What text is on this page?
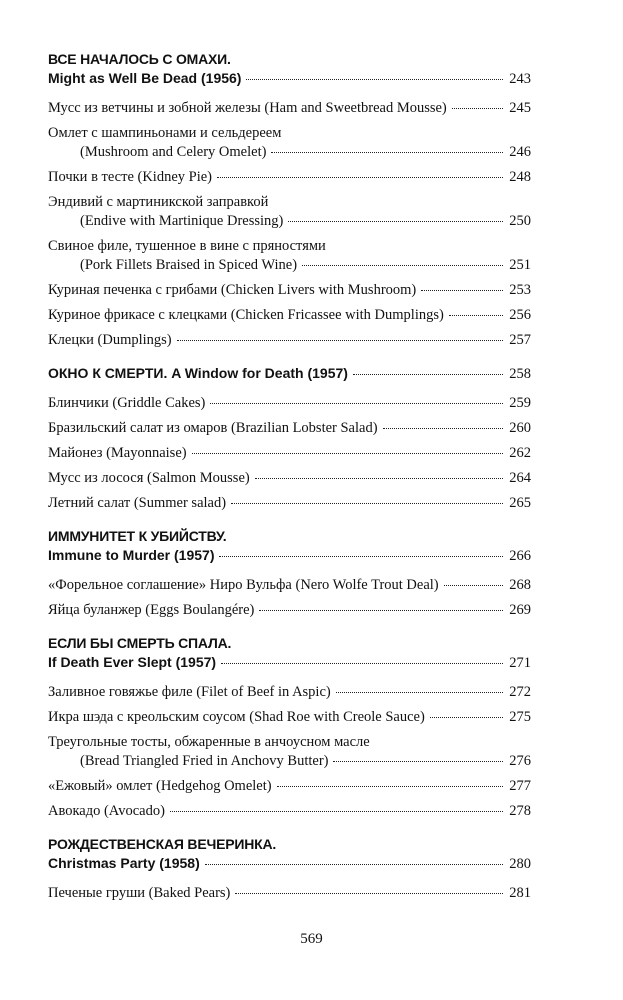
ВСЕ НАЧАЛОСЬ С ОМАХИ.
Might as Well Be Dead (1956)	243
Мусс из ветчины и зобной железы (Ham and Sweetbread Mousse)	245
Омлет с шампиньонами и сельдереем
(Mushroom and Celery Omelet)	246
Почки в тесте (Kidney Pie)	248
Эндивий с мартиникской заправкой
(Endive with Martinique Dressing)	250
Свиное филе, тушенное в вине с пряностями
(Pork Fillets Braised in Spiced Wine)	251
Куриная печенка с грибами (Chicken Livers with Mushroom)	253
Куриное фрикасе с клецками (Chicken Fricassee with Dumplings)	256
Клецки (Dumplings)	257
ОКНО К СМЕРТИ. A Window for Death (1957)	258
Блинчики (Griddle Cakes)	259
Бразильский салат из омаров (Brazilian Lobster Salad)	260
Майонез (Mayonnaise)	262
Мусс из лосося (Salmon Mousse)	264
Летний салат (Summer salad)	265
ИММУНИТЕТ К УБИЙСТВУ.
Immune to Murder (1957)	266
«Форельное соглашение» Ниро Вульфа (Nero Wolfe Trout Deal)	268
Яйца буланжер (Eggs Boulangére)	269
ЕСЛИ БЫ СМЕРТЬ СПАЛА.
If Death Ever Slept (1957)	271
Заливное говяжье филе (Filet of Beef in Aspic)	272
Икра шэда с креольским соусом (Shad Roe with Creole Sauce)	275
Треугольные тосты, обжаренные в анчоусном масле
(Bread Triangled Fried in Anchovy Butter)	276
«Ежовый» омлет (Hedgehog Omelet)	277
Авокадо (Avocado)	278
РОЖДЕСТВЕНСКАЯ ВЕЧЕРИНКА.
Christmas Party (1958)	280
Печеные груши (Baked Pears)	281
569
